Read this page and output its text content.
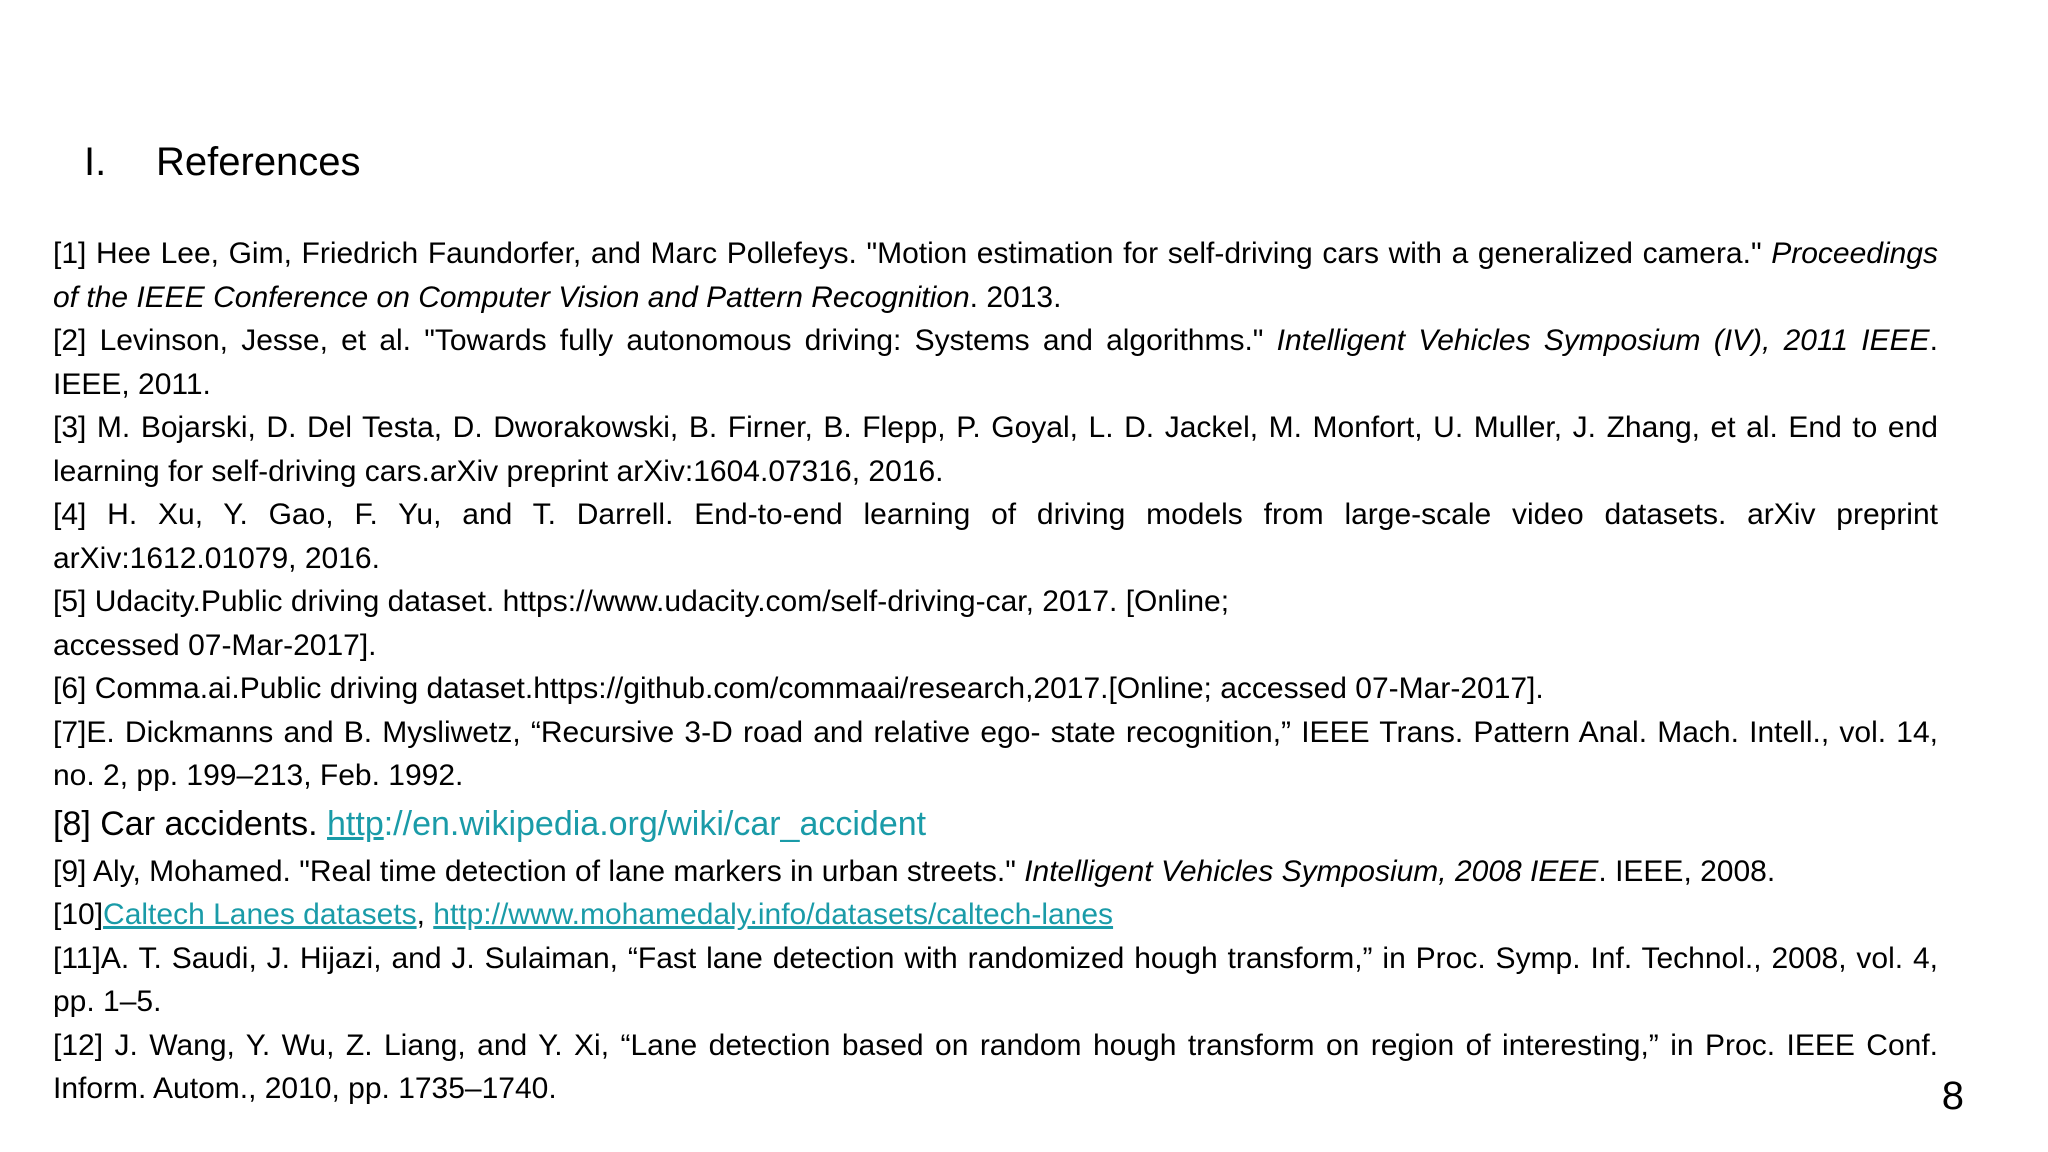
I. References

[1] Hee Lee, Gim, Friedrich Faundorfer, and Marc Pollefeys. "Motion estimation for self-driving cars with a generalized camera." Proceedings of the IEEE Conference on Computer Vision and Pattern Recognition. 2013.

[2] Levinson, Jesse, et al. "Towards fully autonomous driving: Systems and algorithms." Intelligent Vehicles Symposium (IV), 2011 IEEE. IEEE, 2011.

[3] M. Bojarski, D. Del Testa, D. Dworakowski, B. Firner, B. Flepp, P. Goyal, L. D. Jackel, M. Monfort, U. Muller, J. Zhang, et al. End to end learning for self-driving cars.arXiv preprint arXiv:1604.07316, 2016.

[4] H. Xu, Y. Gao, F. Yu, and T. Darrell. End-to-end learning of driving models from large-scale video datasets. arXiv preprint arXiv:1612.01079, 2016.

[5] Udacity.Public driving dataset. https://www.udacity.com/self-driving-car, 2017. [Online;
accessed 07-Mar-2017].

[6] Comma.ai.Public driving dataset.https://github.com/commaai/research,2017.[Online; accessed 07-Mar-2017].

[7]E. Dickmanns and B. Mysliwetz, “Recursive 3-D road and relative ego- state recognition,” IEEE Trans. Pattern Anal. Mach. Intell., vol. 14, no. 2, pp. 199–213, Feb. 1992.

[8] Car accidents. http://en.wikipedia.org/wiki/car_accident

[9] Aly, Mohamed. "Real time detection of lane markers in urban streets." Intelligent Vehicles Symposium, 2008 IEEE. IEEE, 2008.

[10]Caltech Lanes datasets, http://www.mohamedaly.info/datasets/caltech-lanes

[11]A. T. Saudi, J. Hijazi, and J. Sulaiman, “Fast lane detection with randomized hough transform,” in Proc. Symp. Inf. Technol., 2008, vol. 4, pp. 1–5.

[12] J. Wang, Y. Wu, Z. Liang, and Y. Xi, “Lane detection based on random hough transform on region of interesting,” in Proc. IEEE Conf. Inform. Autom., 2010, pp. 1735–1740.	8
